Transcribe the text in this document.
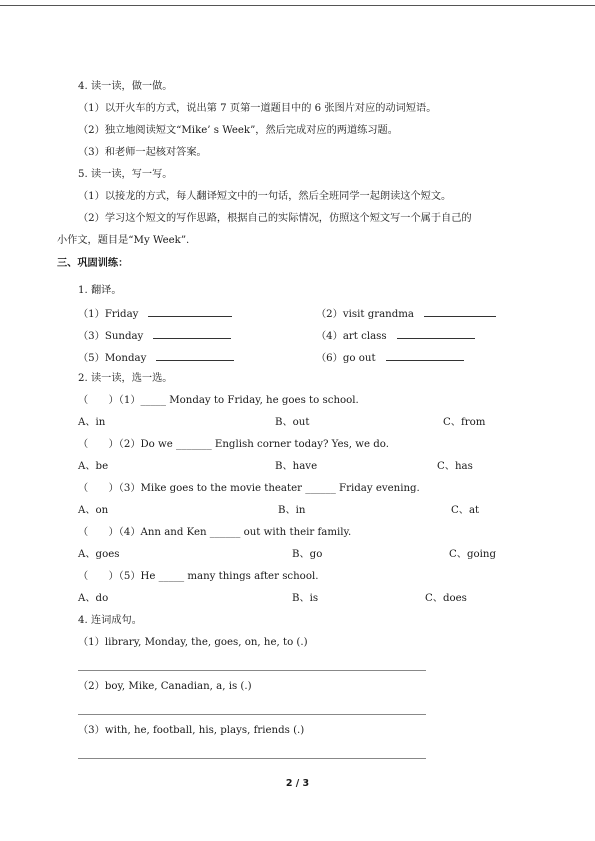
4. 读一读，做一做。
（1）以开火车的方式，说出第 7 页第一道题目中的 6 张图片对应的动词短语。
（2）独立地阅读短文“Mike’ s Week”，然后完成对应的两道练习题。
（3）和老师一起核对答案。
5. 读一读，写一写。
（1）以接龙的方式，每人翻译短文中的一句话，然后全班同学一起朗读这个短文。
（2）学习这个短文的写作思路，根据自己的实际情况，仿照这个短文写一个属于自己的
小作文，题目是“My Week”.
三、巩固训练：
1. 翻译。
（1）Friday	（2）visit grandma
（3）Sunday	（4）art class
（5）Monday	（6）go out
2. 读一读，选一选。
（　　）（1）_____ Monday to Friday, he goes to school.
A、in	B、out	C、from
（　　）（2）Do we _______ English corner today? Yes, we do.
A、be	B、have	C、has
（　　）（3）Mike goes to the movie theater ______ Friday evening.
A、on	B、in	C、at
（　　）（4）Ann and Ken ______ out with their family.
A、goes	B、go	C、going
（　　）（5）He _____ many things after school.
A、do	B、is	C、does
4. 连词成句。
（1）library, Monday, the, goes, on, he, to (.)
（2）boy, Mike, Canadian, a, is (.)
（3）with, he, football, his, plays, friends (.)
2 / 3
